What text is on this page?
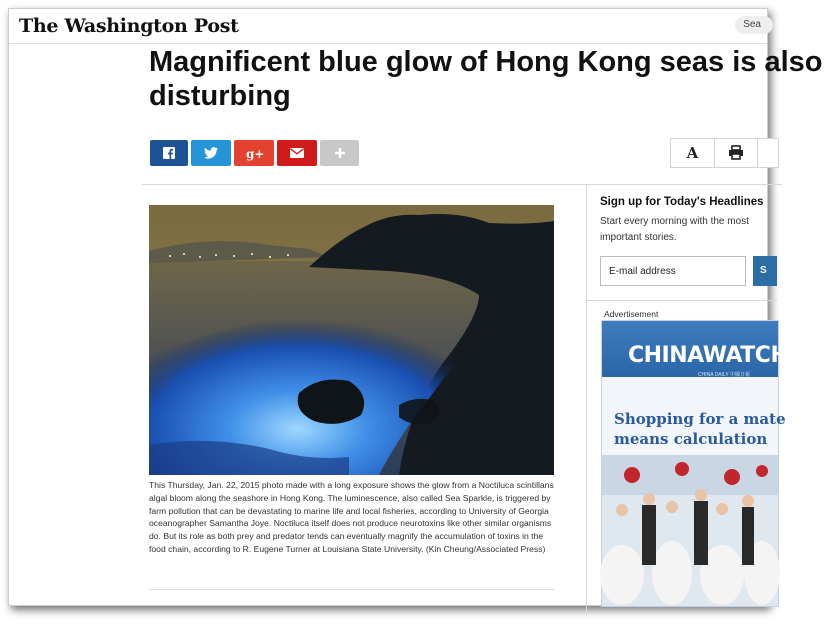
The Washington Post	Sea
Magnificent blue glow of Hong Kong seas is also disturbing
g+	A

This Thursday, Jan. 22, 2015 photo made with a long exposure shows the glow from a Noctiluca scintillans algal bloom along the seashore in Hong Kong. The luminescence, also called Sea Sparkle, is triggered by farm pollution that can be devastating to marine life and local fisheries, according to University of Georgia oceanographer Samantha Joye. Noctiluca itself does not produce neurotoxins like other similar organisms do. But its role as both prey and predator tends can eventually magnify the accumulation of toxins in the food chain, according to R. Eugene Turner at Louisiana State University. (Kin Cheung/Associated Press)

Sign up for Today's Headlines

Start every morning with the most important stories.

E-mail address
S
Advertisement
CHINAWATCH
CHINA DAILY 中國日報

Shopping for a mate means calculation
